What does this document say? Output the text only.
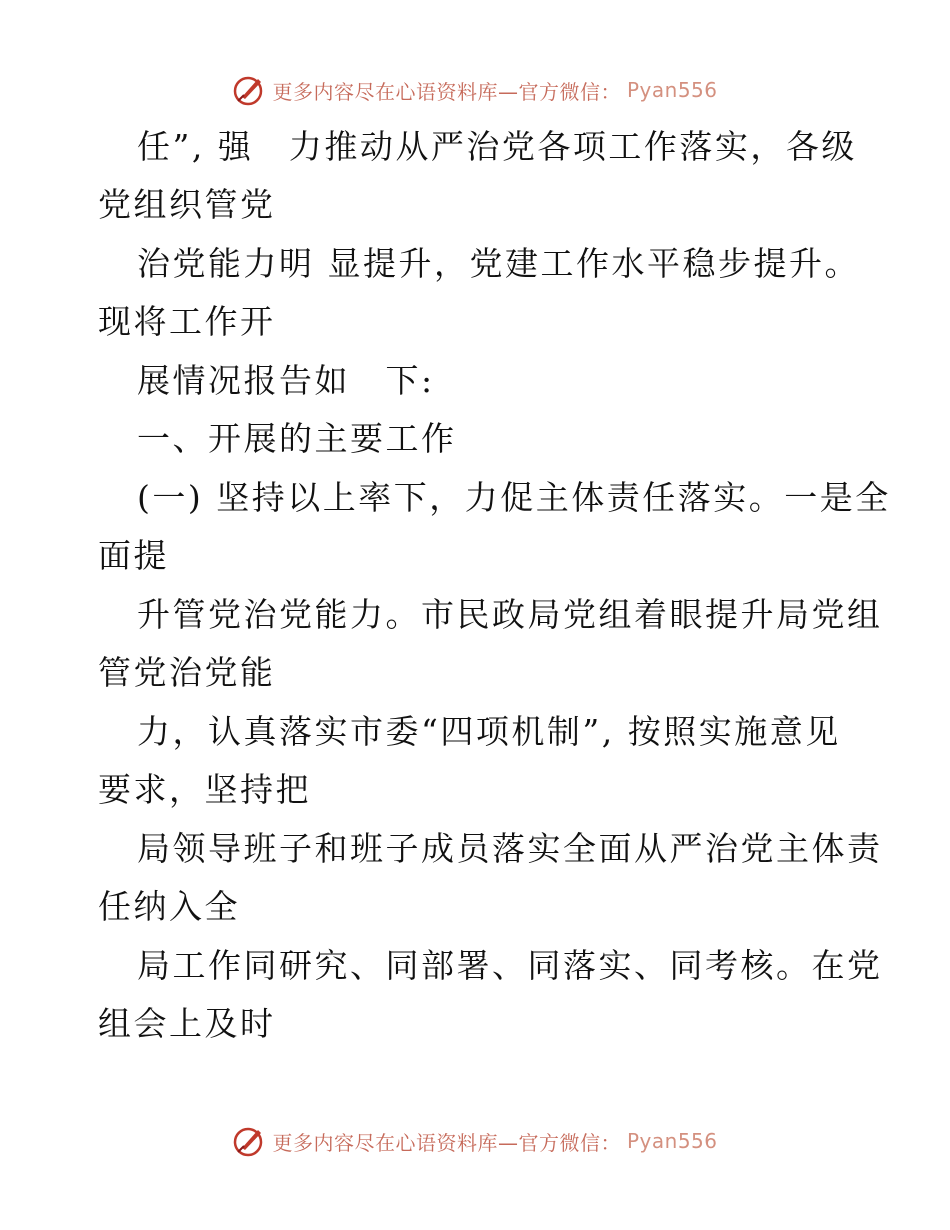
更多内容尽在心语资料库—官方微信： Pyan556
任”, 强　力推动从严治党各项工作落实，各级
党组织管党
治党能力明 显提升，党建工作水平稳步提升。
现将工作开
展情况报告如　下:
一、开展的主要工作
(一) 坚持以上率下，力促主体责任落实。一是全
面提
升管党治党能力。市民政局党组着眼提升局党组
管党治党能
力，认真落实市委“四项机制”, 按照实施意见
要求，坚持把
局领导班子和班子成员落实全面从严治党主体责
任纳入全
局工作同研究、同部署、同落实、同考核。在党
组会上及时
更多内容尽在心语资料库—官方微信： Pyan556
